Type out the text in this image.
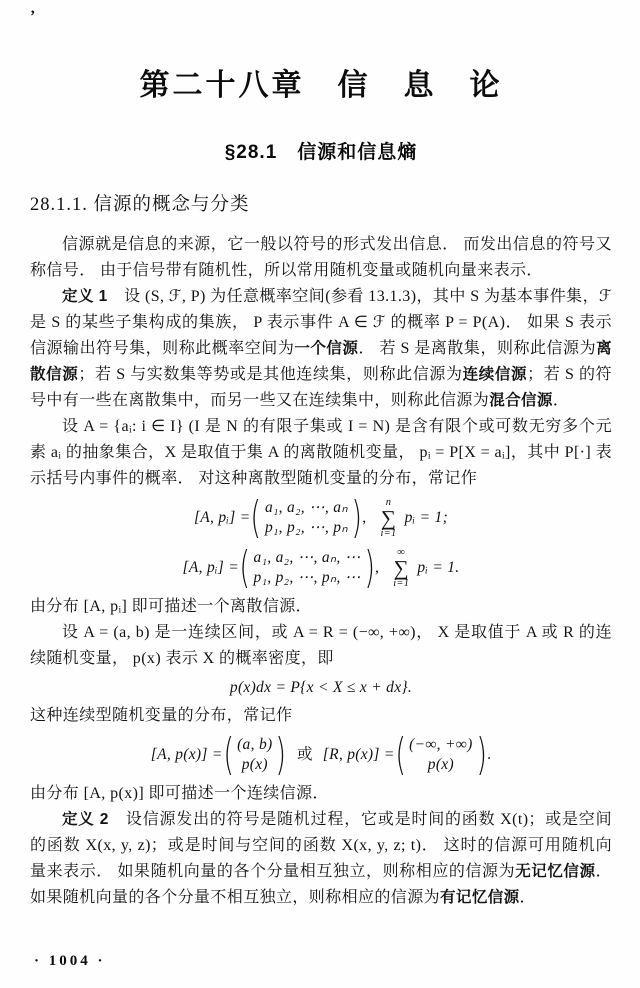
’
第二十八章　信　息　论
§28.1　信源和信息熵
28.1.1. 信源的概念与分类

信源就是信息的来源，它一般以符号的形式发出信息． 而发出信息的符号又称信号． 由于信号带有随机性，所以常用随机变量或随机向量来表示．

定义 1　设 (S, ℱ, P) 为任意概率空间(参看 13.1.3)，其中 S 为基本事件集，ℱ 是 S 的某些子集构成的集族， P 表示事件 A ∈ ℱ 的概率 P = P(A)． 如果 S 表示信源输出符号集，则称此概率空间为一个信源． 若 S 是离散集，则称此信源为离散信源；若 S 与实数集等势或是其他连续集，则称此信源为连续信源；若 S 的符号中有一些在离散集中，而另一些又在连续集中，则称此信源为混合信源．

设 A = {aᵢ: i ∈ I} (I 是 N 的有限子集或 I = N) 是含有限个或可数无穷多个元素 aᵢ 的抽象集合，X 是取值于集 A 的离散随机变量， pᵢ = P[X = aᵢ]，其中 P[·] 表示括号内事件的概率． 对这种离散型随机变量的分布，常记作

[A, pᵢ] = ( a₁, a₂, ⋯, aₙ
p₁, p₂, ⋯, pₙ ) ,
n
∑
i=1
pᵢ = 1;
[A, pᵢ] = ( a₁, a₂, ⋯, aₙ, ⋯
p₁, p₂, ⋯, pₙ, ⋯ ) ,
∞
∑
i=1
pᵢ = 1.

由分布 [A, pᵢ] 即可描述一个离散信源．

设 A = (a, b) 是一连续区间，或 A = R = (−∞, +∞)， X 是取值于 A 或 R 的连续随机变量， p(x) 表示 X 的概率密度，即

p(x)dx = P{x < X ≤ x + dx}.

这种连续型随机变量的分布，常记作

[A, p(x)] = ( (a, b)
p(x) ) 或 [R, p(x)] = ( (−∞, +∞)
p(x) ) .

由分布 [A, p(x)] 即可描述一个连续信源．

定义 2　设信源发出的符号是随机过程，它或是时间的函数 X(t)；或是空间的函数 X(x, y, z)；或是时间与空间的函数 X(x, y, z; t)． 这时的信源可用随机向量来表示． 如果随机向量的各个分量相互独立，则称相应的信源为无记忆信源． 如果随机向量的各个分量不相互独立，则称相应的信源为有记忆信源．

· 1004 ·
